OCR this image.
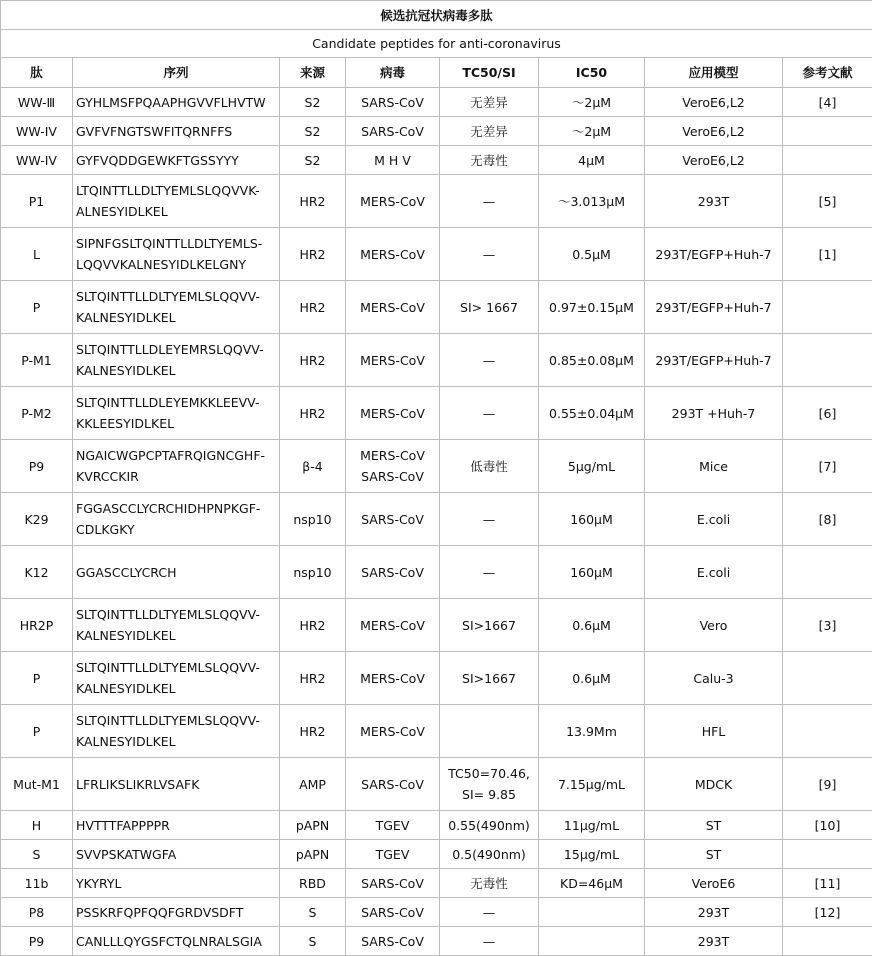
候选抗冠状病毒多肽							
Candidate peptides for anti-coronavirus							
肽	序列	来源	病毒	TC50/SI	IC50	应用模型	参考文献
WW-Ⅲ	GYHLMSFPQAAPHGVVFLHVTW	S2	SARS-CoV	无差异	～2μM	VeroE6,L2	[4]
WW-IV	GVFVFNGTSWFITQRNFFS	S2	SARS-CoV	无差异	～2μM	VeroE6,L2	
WW-IV	GYFVQDDGEWKFTGSSYYY	S2	M H V	无毒性	4μM	VeroE6,L2	
P1	LTQINTTLLDLTYEMLSLQQVVK-
ALNESYIDLKEL	HR2	MERS-CoV	—	～3.013μM	293T	[5]
L	SIPNFGSLTQINTTLLDLTYEMLS-
LQQVVKALNESYIDLKELGNY	HR2	MERS-CoV	—	0.5μM	293T/EGFP+Huh-7	[1]
P	SLTQINTTLLDLTYEMLSLQQVV-
KALNESYIDLKEL	HR2	MERS-CoV	SI> 1667	0.97±0.15μM	293T/EGFP+Huh-7	
P-M1	SLTQINTTLLDLEYEMRSLQQVV-
KALNESYIDLKEL	HR2	MERS-CoV	—	0.85±0.08μM	293T/EGFP+Huh-7	
P-M2	SLTQINTTLLDLEYEMKKLEEVV-
KKLEESYIDLKEL	HR2	MERS-CoV	—	0.55±0.04μM	293T +Huh-7	[6]
P9	NGAICWGPCPTAFRQIGNCGHF-
KVRCCKIR	β-4	MERS-CoV
SARS-CoV	低毒性	5μg/mL	Mice	[7]
K29	FGGASCCLYCRCHIDHPNPKGF-
CDLKGKY	nsp10	SARS-CoV	—	160μM	E.coli	[8]
K12	GGASCCLYCRCH	nsp10	SARS-CoV	—	160μM	E.coli	
HR2P	SLTQINTTLLDLTYEMLSLQQVV-
KALNESYIDLKEL	HR2	MERS-CoV	SI>1667	0.6μM	Vero	[3]
P	SLTQINTTLLDLTYEMLSLQQVV-
KALNESYIDLKEL	HR2	MERS-CoV	SI>1667	0.6μM	Calu-3	
P	SLTQINTTLLDLTYEMLSLQQVV-
KALNESYIDLKEL	HR2	MERS-CoV		13.9Mm	HFL	
Mut-M1	LFRLIKSLIKRLVSAFK	AMP	SARS-CoV	TC50=70.46,
SI= 9.85	7.15μg/mL	MDCK	[9]
H	HVTTTFAPPPPR	pAPN	TGEV	0.55(490nm)	11μg/mL	ST	[10]
S	SVVPSKATWGFA	pAPN	TGEV	0.5(490nm)	15μg/mL	ST	
11b	YKYRYL	RBD	SARS-CoV	无毒性	KD=46μM	VeroE6	[11]
P8	PSSKRFQPFQQFGRDVSDFT	S	SARS-CoV	—		293T	[12]
P9	CANLLLQYGSFCTQLNRALSGIA	S	SARS-CoV	—		293T	
